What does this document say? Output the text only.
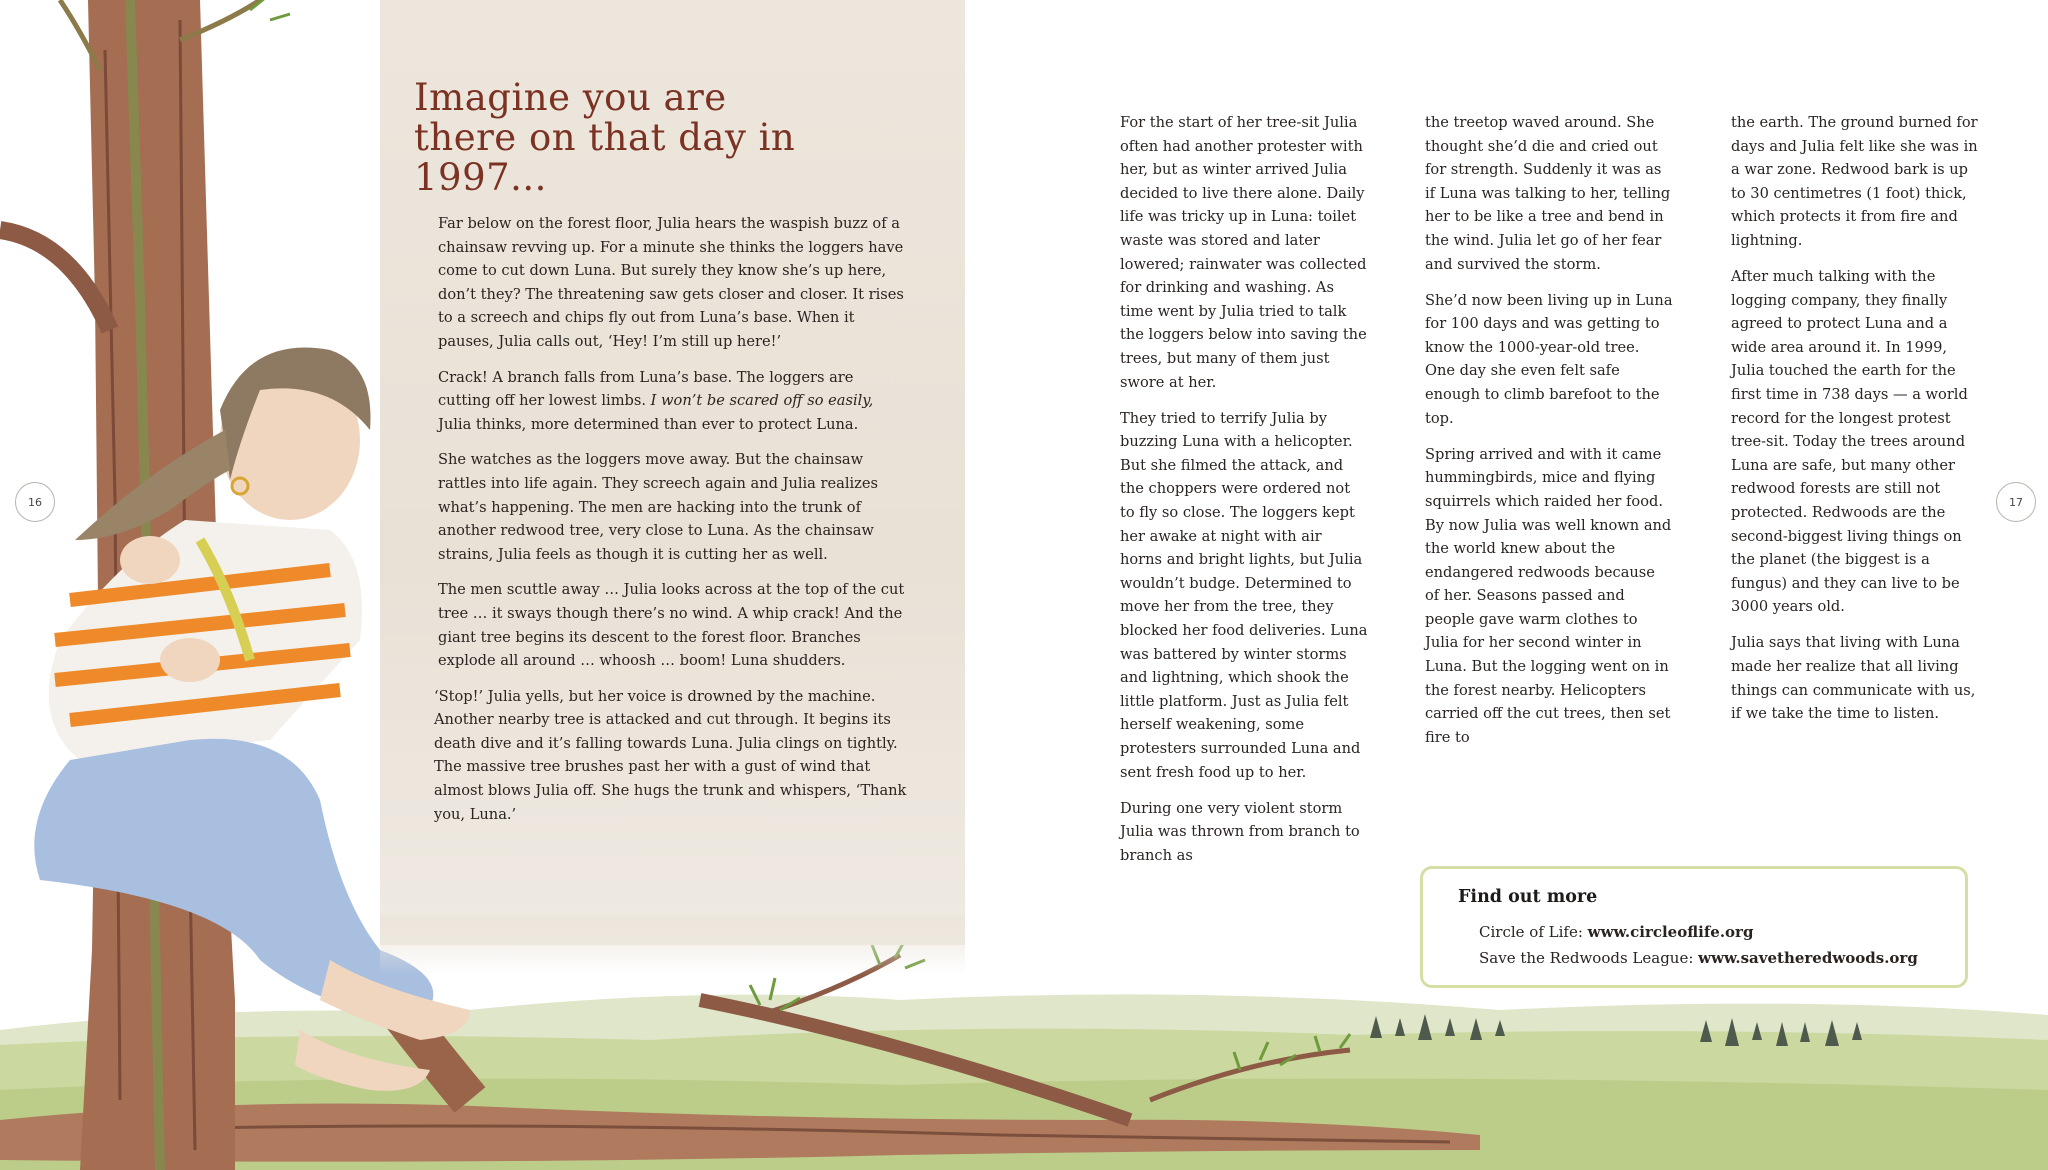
Imagine you are there on that day in 1997...

Far below on the forest floor, Julia hears the waspish buzz of a chainsaw revving up. For a minute she thinks the loggers have come to cut down Luna. But surely they know she’s up here, don’t they? The threatening saw gets closer and closer. It rises to a screech and chips fly out from Luna’s base. When it pauses, Julia calls out, ‘Hey! I’m still up here!’

Crack! A branch falls from Luna’s base. The loggers are cutting off her lowest limbs. I won’t be scared off so easily, Julia thinks, more determined than ever to protect Luna.

She watches as the loggers move away. But the chainsaw rattles into life again. They screech again and Julia realizes what’s happening. The men are hacking into the trunk of another redwood tree, very close to Luna. As the chainsaw strains, Julia feels as though it is cutting her as well.

The men scuttle away … Julia looks across at the top of the cut tree … it sways though there’s no wind. A whip crack! And the giant tree begins its descent to the forest floor. Branches explode all around … whoosh … boom! Luna shudders.

‘Stop!’ Julia yells, but her voice is drowned by the machine. Another nearby tree is attacked and cut through. It begins its death dive and it’s falling towards Luna. Julia clings on tightly. The massive tree brushes past her with a gust of wind that almost blows Julia off. She hugs the trunk and whispers, ‘Thank you, Luna.’

For the start of her tree-sit Julia often had another protester with her, but as winter arrived Julia decided to live there alone. Daily life was tricky up in Luna: toilet waste was stored and later lowered; rainwater was collected for drinking and washing. As time went by Julia tried to talk the loggers below into saving the trees, but many of them just swore at her.

They tried to terrify Julia by buzzing Luna with a helicopter. But she filmed the attack, and the choppers were ordered not to fly so close. The loggers kept her awake at night with air horns and bright lights, but Julia wouldn’t budge. Determined to move her from the tree, they blocked her food deliveries. Luna was battered by winter storms and lightning, which shook the little platform. Just as Julia felt herself weakening, some protesters surrounded Luna and sent fresh food up to her.

During one very violent storm Julia was thrown from branch to branch as

the treetop waved around. She thought she’d die and cried out for strength. Suddenly it was as if Luna was talking to her, telling her to be like a tree and bend in the wind. Julia let go of her fear and survived the storm.

She’d now been living up in Luna for 100 days and was getting to know the 1000-year-old tree. One day she even felt safe enough to climb barefoot to the top.

Spring arrived and with it came hummingbirds, mice and flying squirrels which raided her food. By now Julia was well known and the world knew about the endangered redwoods because of her. Seasons passed and people gave warm clothes to Julia for her second winter in Luna. But the logging went on in the forest nearby. Helicopters carried off the cut trees, then set fire to

the earth. The ground burned for days and Julia felt like she was in a war zone. Redwood bark is up to 30 centimetres (1 foot) thick, which protects it from fire and lightning.

After much talking with the logging company, they finally agreed to protect Luna and a wide area around it. In 1999, Julia touched the earth for the first time in 738 days — a world record for the longest protest tree-sit. Today the trees around Luna are safe, but many other redwood forests are still not protected. Redwoods are the second-biggest living things on the planet (the biggest is a fungus) and they can live to be 3000 years old.

Julia says that living with Luna made her realize that all living things can communicate with us, if we take the time to listen.

Find out more
Circle of Life: www.circleoflife.org
Save the Redwoods League: www.savetheredwoods.org
16	17
